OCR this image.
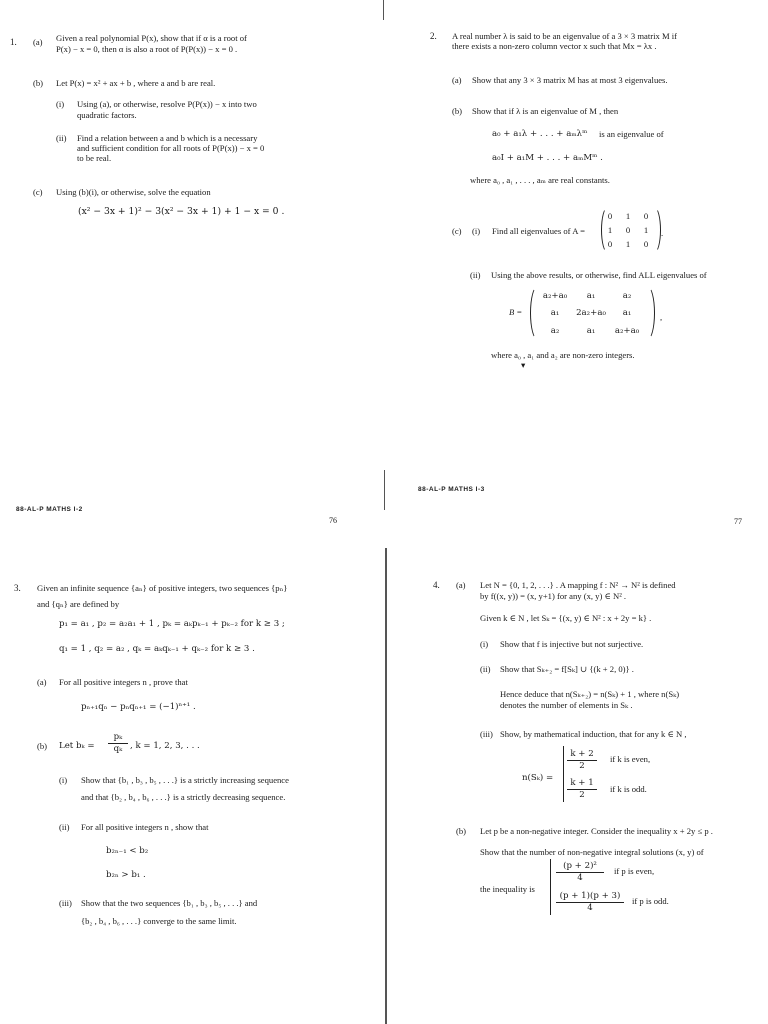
1. (a) Given a real polynomial P(x), show that if α is a root of
P(x) − x = 0, then α is also a root of P(P(x)) − x = 0 .
(b) Let P(x) = x² + ax + b , where a and b are real.
(i) Using (a), or otherwise, resolve P(P(x)) − x into two
quadratic factors.
(ii) Find a relation between a and b which is a necessary
and sufficient condition for all roots of P(P(x)) − x = 0
to be real.
(c) Using (b)(i), or otherwise, solve the equation
(x² − 3x + 1)² − 3(x² − 3x + 1) + 1 − x = 0 .
2. A real number λ is said to be an eigenvalue of a 3 × 3 matrix M if
there exists a non-zero column vector x such that Mx = λx .
(a) Show that any 3 × 3 matrix M has at most 3 eigenvalues.
(b) Show that if λ is an eigenvalue of M , then
a₀ + a₁λ + . . . + aₘλᵐ is an eigenvalue of
a₀I + a₁M + . . . + aₘMᵐ .
where a₀ , a₁ , . . . , aₘ are real constants.
(c) (i) Find all eigenvalues of A =
0	1	0
1	0	1
0	1	0
.
(ii) Using the above results, or otherwise, find ALL eigenvalues of
B =
a₂+a₀	a₁	a₂
a₁	2a₂+a₀	a₁
a₂	a₁	a₂+a₀
,
where a₀ , a₁ and a₂ are non-zero integers.
▾
88-AL-P MATHS I-2
76
88-AL-P MATHS I-3
77
3. Given an infinite sequence {aₙ} of positive integers, two sequences {pₙ}
and {qₙ} are defined by
p₁ = a₁ , p₂ = a₂a₁ + 1 , pₖ = aₖpₖ₋₁ + pₖ₋₂ for k ≥ 3 ;
q₁ = 1 , q₂ = a₂ , qₖ = aₖqₖ₋₁ + qₖ₋₂ for k ≥ 3 .
(a) For all positive integers n , prove that
pₙ₊₁qₙ − pₙqₙ₊₁ = (−1)ⁿ⁺¹ .
(b) Let $b_k = \frac{\text{pₖ}}{\text{qₖ}}$ , k = 1, 2, 3, . . .
(i) Show that {b₁ , b₃ , b₅ , . . .} is a strictly increasing sequence
and that {b₂ , b₄ , b₆ , . . .} is a strictly decreasing sequence.
(ii) For all positive integers n , show that
b₂ₙ₋₁ < b₂
b₂ₙ > b₁ .
(iii) Show that the two sequences {b₁ , b₃ , b₅ , . . .} and
{b₂ , b₄ , b₆ , . . .} converge to the same limit.
4. (a) Let N = {0, 1, 2, . . .} . A mapping f : N² → N² is defined
by f((x, y)) = (x, y+1) for any (x, y) ∈ N² .
Given k ∈ N , let Sₖ = {(x, y) ∈ N² : x + 2y = k} .
(i) Show that f is injective but not surjective.
(ii) Show that Sₖ₊₂ = f[Sₖ] ∪ {(k + 2, 0)} .
Hence deduce that n(Sₖ₊₂) = n(Sₖ) + 1 , where n(Sₖ)
denotes the number of elements in Sₖ .
(iii) Show, by mathematical induction, that for any k ∈ N ,
n(Sₖ) =
$\frac{k + 2}{2}$ if k is even,
$\frac{k + 1}{2}$ if k is odd.
(b) Let p be a non-negative integer. Consider the inequality x + 2y ≤ p .
Show that the number of non-negative integral solutions (x, y) of
the inequality is
$\frac{\text{(p + 2)²}}{4}$ if p is even,
$\frac{(p + 1)(p + 3)}{4}$ if p is odd.
